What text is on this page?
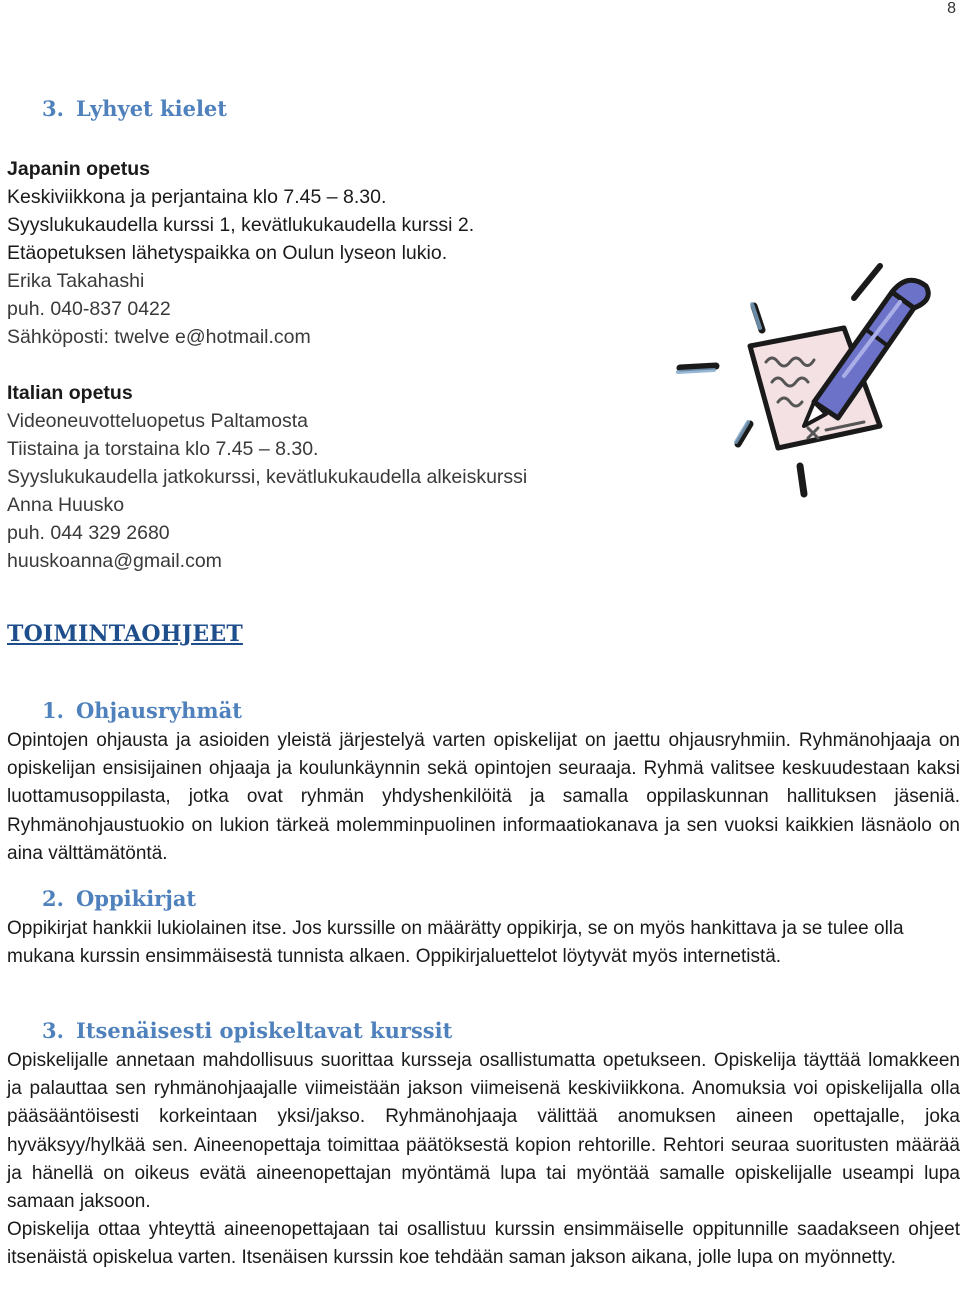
8
3. Lyhyet kielet
Japanin opetus
Keskiviikkona ja perjantaina klo 7.45 – 8.30.
Syyslukukaudella kurssi 1, kevätlukukaudella kurssi 2.
Etäopetuksen lähetyspaikka on Oulun lyseon lukio.
Erika Takahashi
puh. 040-837 0422
Sähköposti: twelve e@hotmail.com
Italian opetus
Videoneuvotteluopetus Paltamosta
Tiistaina ja torstaina klo 7.45 – 8.30.
Syyslukukaudella jatkokurssi, kevätlukukaudella alkeiskurssi
Anna Huusko
puh. 044 329 2680
huuskoanna@gmail.com
TOIMINTAOHJEET
1. Ohjausryhmät

Opintojen ohjausta ja asioiden yleistä järjestelyä varten opiskelijat on jaettu ohjausryhmiin. Ryhmänohjaaja on opiskelijan ensisijainen ohjaaja ja koulunkäynnin sekä opintojen seuraaja. Ryhmä valitsee keskuudestaan kaksi luottamusoppilasta, jotka ovat ryhmän yhdyshenkilöitä ja samalla oppilaskunnan hallituksen jäseniä. Ryhmänohjaustuokio on lukion tärkeä molemminpuolinen informaatiokanava ja sen vuoksi kaikkien läsnäolo on aina välttämätöntä.

2. Oppikirjat

Oppikirjat hankkii lukiolainen itse. Jos kurssille on määrätty oppikirja, se on myös hankittava ja se tulee olla mukana kurssin ensimmäisestä tunnista alkaen. Oppikirjaluettelot löytyvät myös internetistä.

3. Itsenäisesti opiskeltavat kurssit

Opiskelijalle annetaan mahdollisuus suorittaa kursseja osallistumatta opetukseen. Opiskelija täyttää lomakkeen ja palauttaa sen ryhmänohjaajalle viimeistään jakson viimeisenä keskiviikkona. Anomuksia voi opiskelijalla olla pääsääntöisesti korkeintaan yksi/jakso. Ryhmänohjaaja välittää anomuksen aineen opettajalle, joka hyväksyy/hylkää sen. Aineenopettaja toimittaa päätöksestä kopion rehtorille. Rehtori seuraa suoritusten määrää ja hänellä on oikeus evätä aineenopettajan myöntämä lupa tai myöntää samalle opiskelijalle useampi lupa samaan jaksoon.

Opiskelija ottaa yhteyttä aineenopettajaan tai osallistuu kurssin ensimmäiselle oppitunnille saadakseen ohjeet itsenäistä opiskelua varten. Itsenäisen kurssin koe tehdään saman jakson aikana, jolle lupa on myönnetty.
